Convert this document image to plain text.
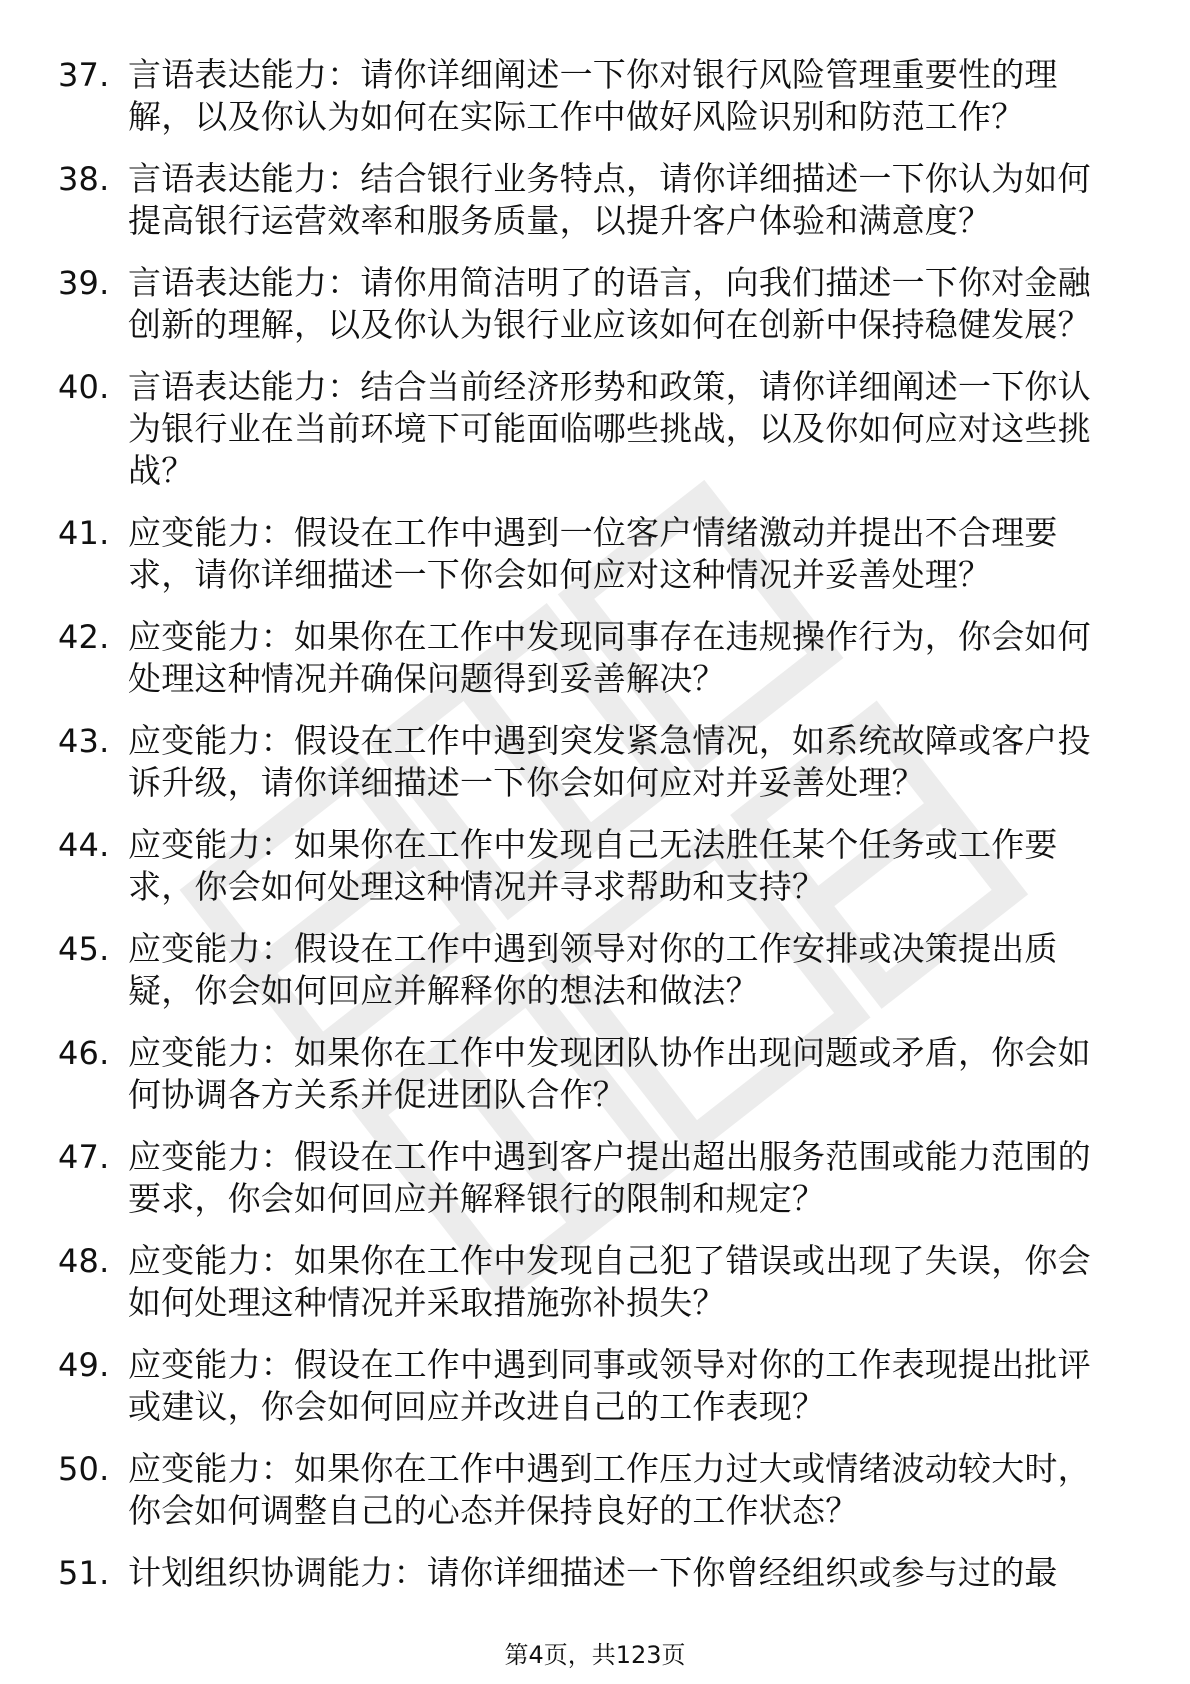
37. 言语表达能力：请你详细阐述一下你对银行风险管理重要性的理解，以及你认为如何在实际工作中做好风险识别和防范工作？
38. 言语表达能力：结合银行业务特点，请你详细描述一下你认为如何提高银行运营效率和服务质量，以提升客户体验和满意度？
39. 言语表达能力：请你用简洁明了的语言，向我们描述一下你对金融创新的理解，以及你认为银行业应该如何在创新中保持稳健发展？
40. 言语表达能力：结合当前经济形势和政策，请你详细阐述一下你认为银行业在当前环境下可能面临哪些挑战，以及你如何应对这些挑战？
41. 应变能力：假设在工作中遇到一位客户情绪激动并提出不合理要求，请你详细描述一下你会如何应对这种情况并妥善处理？
42. 应变能力：如果你在工作中发现同事存在违规操作行为，你会如何处理这种情况并确保问题得到妥善解决？
43. 应变能力：假设在工作中遇到突发紧急情况，如系统故障或客户投诉升级，请你详细描述一下你会如何应对并妥善处理？
44. 应变能力：如果你在工作中发现自己无法胜任某个任务或工作要求，你会如何处理这种情况并寻求帮助和支持？
45. 应变能力：假设在工作中遇到领导对你的工作安排或决策提出质疑，你会如何回应并解释你的想法和做法？
46. 应变能力：如果你在工作中发现团队协作出现问题或矛盾，你会如何协调各方关系并促进团队合作？
47. 应变能力：假设在工作中遇到客户提出超出服务范围或能力范围的要求，你会如何回应并解释银行的限制和规定？
48. 应变能力：如果你在工作中发现自己犯了错误或出现了失误，你会如何处理这种情况并采取措施弥补损失？
49. 应变能力：假设在工作中遇到同事或领导对你的工作表现提出批评或建议，你会如何回应并改进自己的工作表现？
50. 应变能力：如果你在工作中遇到工作压力过大或情绪波动较大时，你会如何调整自己的心态并保持良好的工作状态？
51. 计划组织协调能力：请你详细描述一下你曾经组织或参与过的最
第4页，共123页
